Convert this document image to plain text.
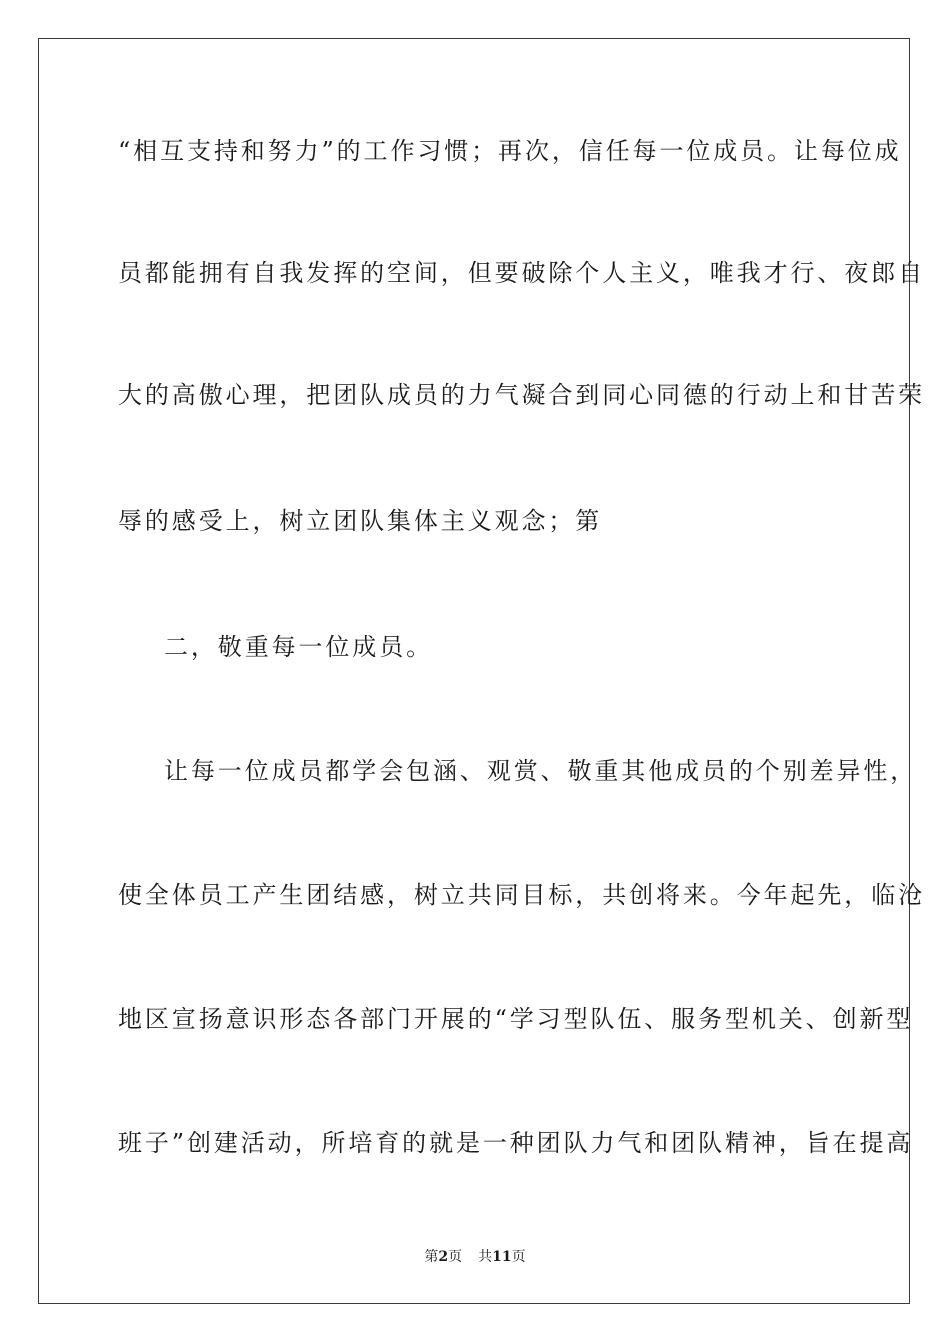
“相互支持和努力”的工作习惯；再次，信任每一位成员。让每位成
员都能拥有自我发挥的空间，但要破除个人主义，唯我才行、夜郎自
大的高傲心理，把团队成员的力气凝合到同心同德的行动上和甘苦荣
辱的感受上，树立团队集体主义观念；第
二，敬重每一位成员。
让每一位成员都学会包涵、观赏、敬重其他成员的个别差异性，
使全体员工产生团结感，树立共同目标，共创将来。今年起先，临沧
地区宣扬意识形态各部门开展的“学习型队伍、服务型机关、创新型
班子”创建活动，所培育的就是一种团队力气和团队精神，旨在提高
第2页 共11页
